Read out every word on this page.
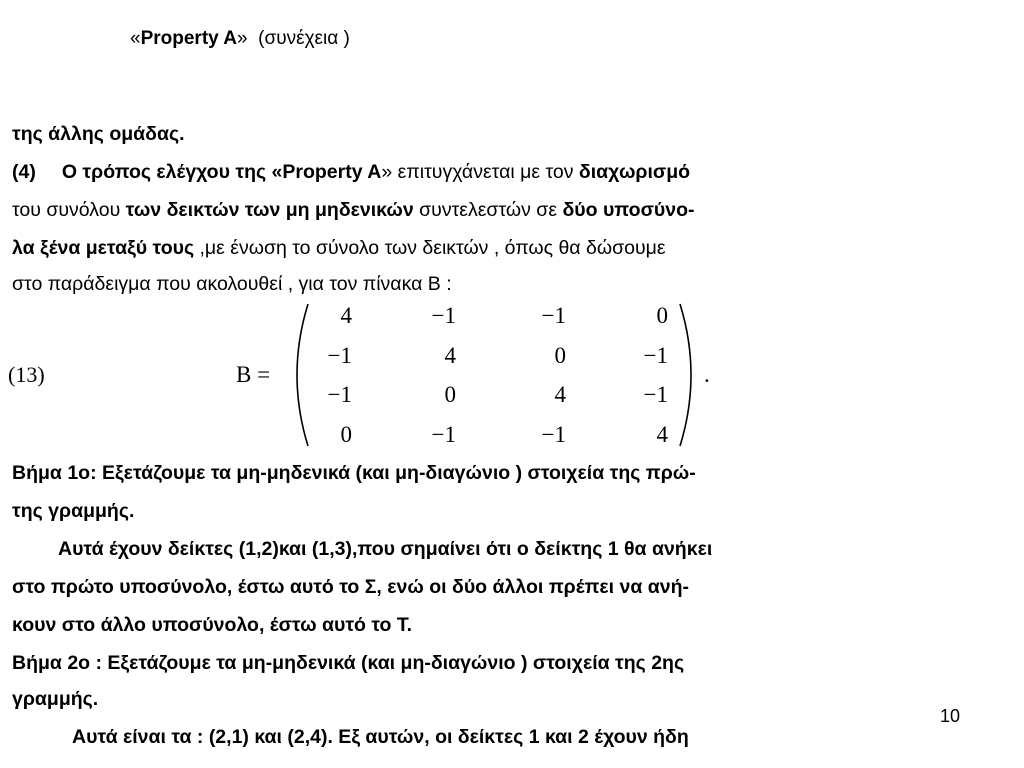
«Property A» (συνέχεια )
της άλλης ομάδας.
(4) Ο τρόπος ελέγχου της «Property A» επιτυγχάνεται με τον διαχωρισμό
του συνόλου των δεικτών των μη μηδενικών συντελεστών σε δύο υποσύνο-
λα ξένα μεταξύ τους ,με ένωση το σύνολο των δεικτών , όπως θα δώσουμε
στο παράδειγμα που ακολουθεί , για τον πίνακα Β :
(13)	B =	.
4	−1	−1	0
−1	4	0	−1
−1	0	4	−1
0	−1	−1	4
Βήμα 1ο: Εξετάζουμε τα μη-μηδενικά (και μη-διαγώνιο ) στοιχεία της πρώ-
της γραμμής.
Αυτά έχουν δείκτες (1,2)και (1,3),που σημαίνει ότι ο δείκτης 1 θα ανήκει
στο πρώτο υποσύνολο, έστω αυτό το Σ, ενώ οι δύο άλλοι πρέπει να ανή-
κουν στο άλλο υποσύνολο, έστω αυτό το Τ.
Βήμα 2ο : Εξετάζουμε τα μη-μηδενικά (και μη-διαγώνιο ) στοιχεία της 2ης
γραμμής.
Αυτά είναι τα : (2,1) και (2,4). Εξ αυτών, οι δείκτες 1 και 2 έχουν ήδη
10
